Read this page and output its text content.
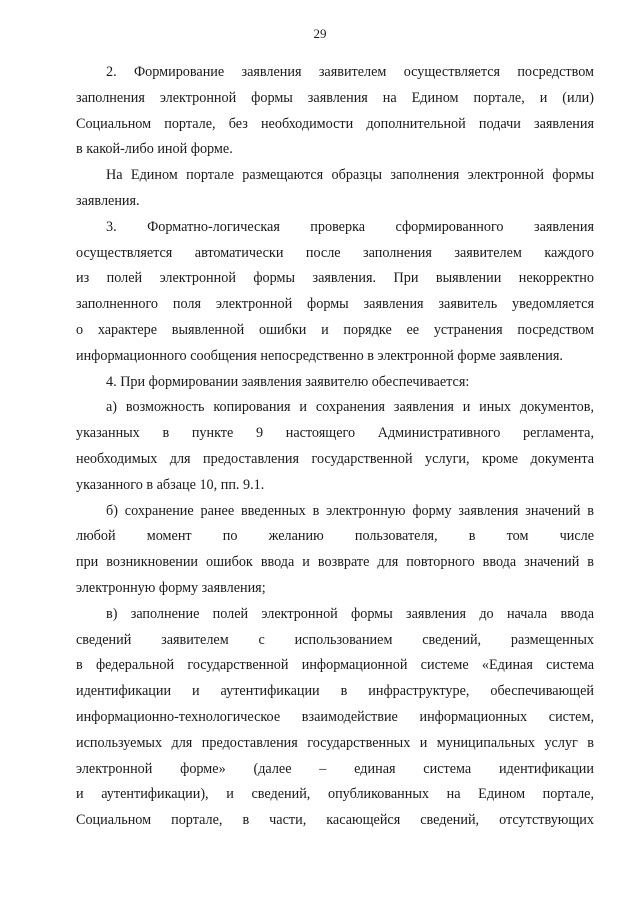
29

2. Формирование заявления заявителем осуществляется посредством
заполнения электронной формы заявления на Едином портале, и (или)
Социальном портале, без необходимости дополнительной подачи заявления
в какой-либо иной форме.

На Едином портале размещаются образцы заполнения электронной формы
заявления.

3. Форматно-логическая проверка сформированного заявления
осуществляется автоматически после заполнения заявителем каждого
из полей электронной формы заявления. При выявлении некорректно
заполненного поля электронной формы заявления заявитель уведомляется
о характере выявленной ошибки и порядке ее устранения посредством
информационного сообщения непосредственно в электронной форме заявления.

4. При формировании заявления заявителю обеспечивается:

а) возможность копирования и сохранения заявления и иных документов,
указанных в пункте 9 настоящего Административного регламента,
необходимых для предоставления государственной услуги, кроме документа
указанного в абзаце 10, пп. 9.1.

б) сохранение ранее введенных в электронную форму заявления значений в
любой момент по желанию пользователя, в том числе
при возникновении ошибок ввода и возврате для повторного ввода значений в
электронную форму заявления;

в) заполнение полей электронной формы заявления до начала ввода
сведений заявителем с использованием сведений, размещенных
в федеральной государственной информационной системе «Единая система
идентификации и аутентификации в инфраструктуре, обеспечивающей
информационно-технологическое взаимодействие информационных систем,
используемых для предоставления государственных и муниципальных услуг в
электронной форме» (далее – единая система идентификации
и аутентификации), и сведений, опубликованных на Едином портале,
Социальном портале, в части, касающейся сведений, отсутствующих
